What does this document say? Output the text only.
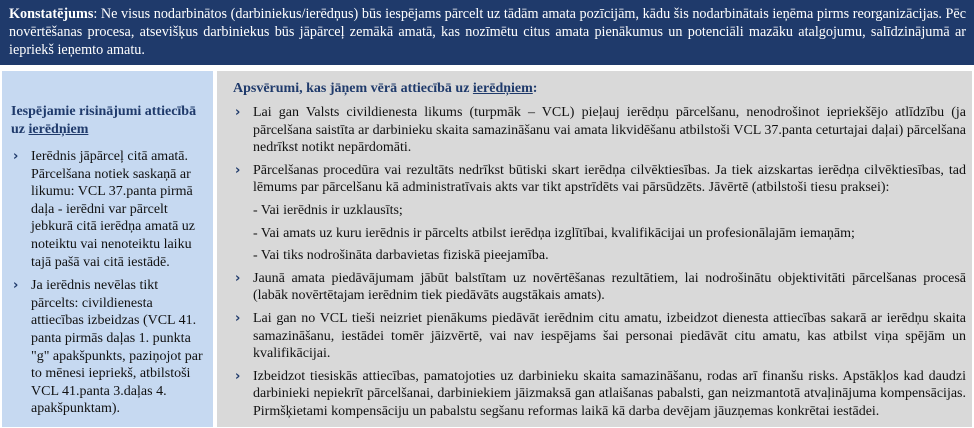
Konstatējums: Ne visus nodarbinātos (darbiniekus/ierēdņus) būs iespējams pārcelt uz tādām amata pozīcijām, kādu šis nodarbinātais ieņēma pirms reorganizācijas. Pēc novērtēšanas procesa, atsevišķus darbiniekus būs jāpārceļ zemākā amatā, kas nozīmētu citus amata pienākumus un potenciāli mazāku atalgojumu, salīdzinājumā ar iepriekš ieņemto amatu.
Iespējamie risinājumi attiecībā uz ierēdņiem
› Ierēdnis jāpārceļ citā amatā. Pārcelšana notiek saskaņā ar likumu: VCL 37.panta pirmā daļa - ierēdni var pārcelt jebkurā citā ierēdņa amatā uz noteiktu vai nenoteiktu laiku tajā pašā vai citā iestādē.
› Ja ierēdnis nevēlas tikt pārcelts: civildienesta attiecības izbeidzas (VCL 41. panta pirmās daļas 1. punkta "g" apakšpunkts, paziņojot par to mēnesi iepriekš, atbilstoši VCL 41.panta 3.daļas 4. apakšpunktam).
Apsvērumi, kas jāņem vērā attiecībā uz ierēdņiem:
› Lai gan Valsts civildienesta likums (turpmāk – VCL) pieļauj ierēdņu pārcelšanu, nenodrošinot iepriekšējo atlīdzību (ja pārcelšana saistīta ar darbinieku skaita samazināšanu vai amata likvidēšanu atbilstoši VCL 37.panta ceturtajai daļai) pārcelšana nedrīkst notikt nepārdomāti.
› Pārcelšanas procedūra vai rezultāts nedrīkst būtiski skart ierēdņa cilvēktiesības. Ja tiek aizskartas ierēdņa cilvēktiesības, tad lēmums par pārcelšanu kā administratīvais akts var tikt apstrīdēts vai pārsūdzēts. Jāvērtē (atbilstoši tiesu praksei):

- Vai ierēdnis ir uzklausīts;

- Vai amats uz kuru ierēdnis ir pārcelts atbilst ierēdņa izglītībai, kvalifikācijai un profesionālajām iemaņām;

- Vai tiks nodrošināta darbavietas fiziskā pieejamība.

› Jaunā amata piedāvājumam jābūt balstītam uz novērtēšanas rezultātiem, lai nodrošinātu objektivitāti pārcelšanas procesā (labāk novērtētajam ierēdnim tiek piedāvāts augstākais amats).
› Lai gan no VCL tieši neizriet pienākums piedāvāt ierēdnim citu amatu, izbeidzot dienesta attiecības sakarā ar ierēdņu skaita samazināšanu, iestādei tomēr jāizvērtē, vai nav iespējams šai personai piedāvāt citu amatu, kas atbilst viņa spējām un kvalifikācijai.
› Izbeidzot tiesiskās attiecības, pamatojoties uz darbinieku skaita samazināšanu, rodas arī finanšu risks. Apstākļos kad daudzi darbinieki nepiekrīt pārcelšanai, darbiniekiem jāizmaksā gan atlaišanas pabalsti, gan neizmantotā atvaļinājuma kompensācijas. Pirmšķietami kompensāciju un pabalstu segšanu reformas laikā kā darba devējam jāuzņemas konkrētai iestādei.
